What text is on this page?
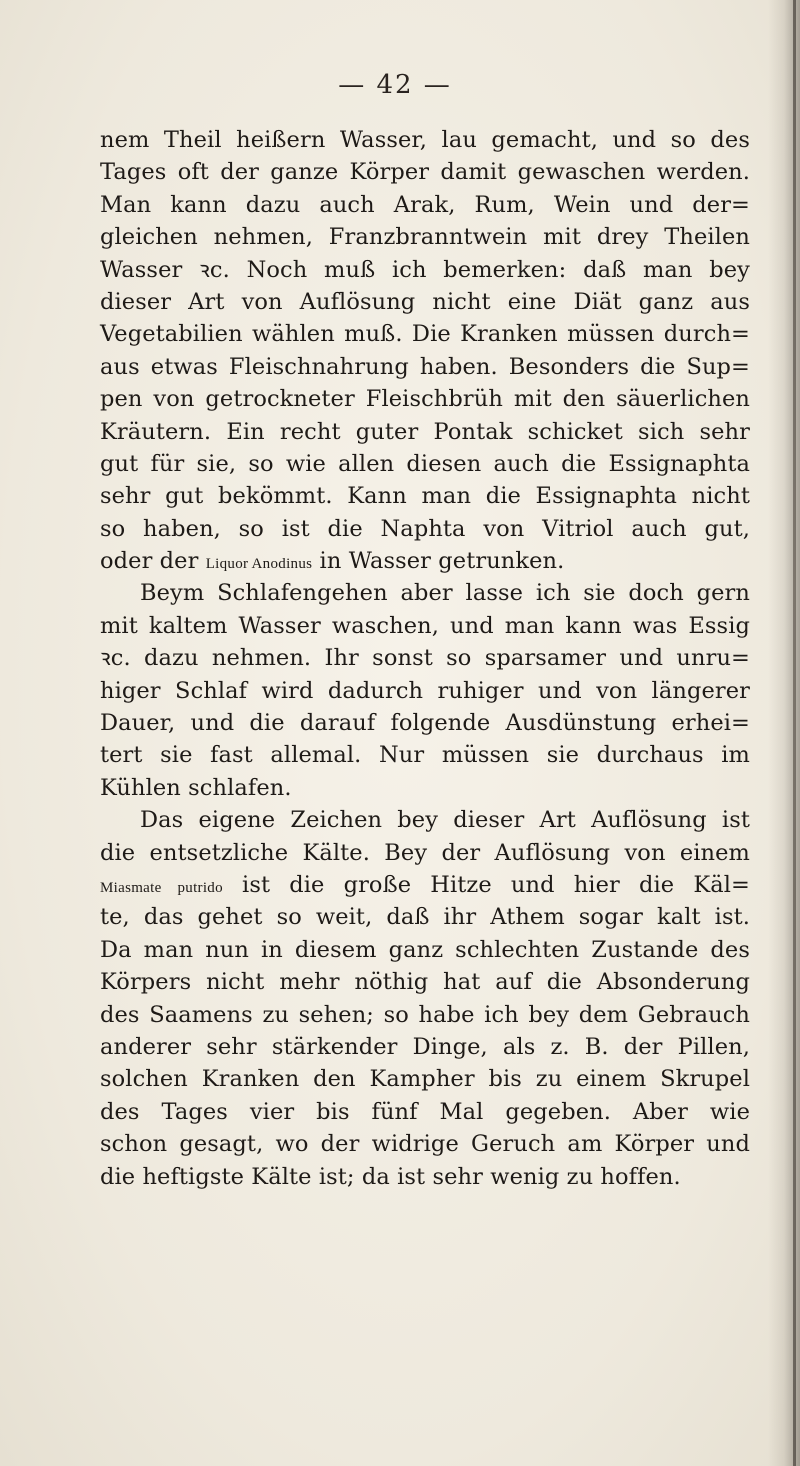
— 42 —
nem Theil heißern Wasser, lau gemacht, und so des
Tages oft der ganze Körper damit gewaschen werden.
Man kann dazu auch Arak, Rum, Wein und der=
gleichen nehmen, Franzbranntwein mit drey Theilen
Wasser ꝛc. Noch muß ich bemerken: daß man bey
dieser Art von Auflösung nicht eine Diät ganz aus
Vegetabilien wählen muß. Die Kranken müssen durch=
aus etwas Fleischnahrung haben. Besonders die Sup=
pen von getrockneter Fleischbrüh mit den säuerlichen
Kräutern. Ein recht guter Pontak schicket sich sehr
gut für sie, so wie allen diesen auch die Essignaphta
sehr gut bekömmt. Kann man die Essignaphta nicht
so haben, so ist die Naphta von Vitriol auch gut,
oder der Liquor Anodinus in Wasser getrunken.
Beym Schlafengehen aber lasse ich sie doch gern
mit kaltem Wasser waschen, und man kann was Essig
ꝛc. dazu nehmen. Ihr sonst so sparsamer und unru=
higer Schlaf wird dadurch ruhiger und von längerer
Dauer, und die darauf folgende Ausdünstung erhei=
tert sie fast allemal. Nur müssen sie durchaus im
Kühlen schlafen.
Das eigene Zeichen bey dieser Art Auflösung ist
die entsetzliche Kälte. Bey der Auflösung von einem
Miasmate putrido ist die große Hitze und hier die Käl=
te, das gehet so weit, daß ihr Athem sogar kalt ist.
Da man nun in diesem ganz schlechten Zustande des
Körpers nicht mehr nöthig hat auf die Absonderung
des Saamens zu sehen; so habe ich bey dem Gebrauch
anderer sehr stärkender Dinge, als z. B. der Pillen,
solchen Kranken den Kampher bis zu einem Skrupel
des Tages vier bis fünf Mal gegeben. Aber wie
schon gesagt, wo der widrige Geruch am Körper und
die heftigste Kälte ist; da ist sehr wenig zu hoffen.
